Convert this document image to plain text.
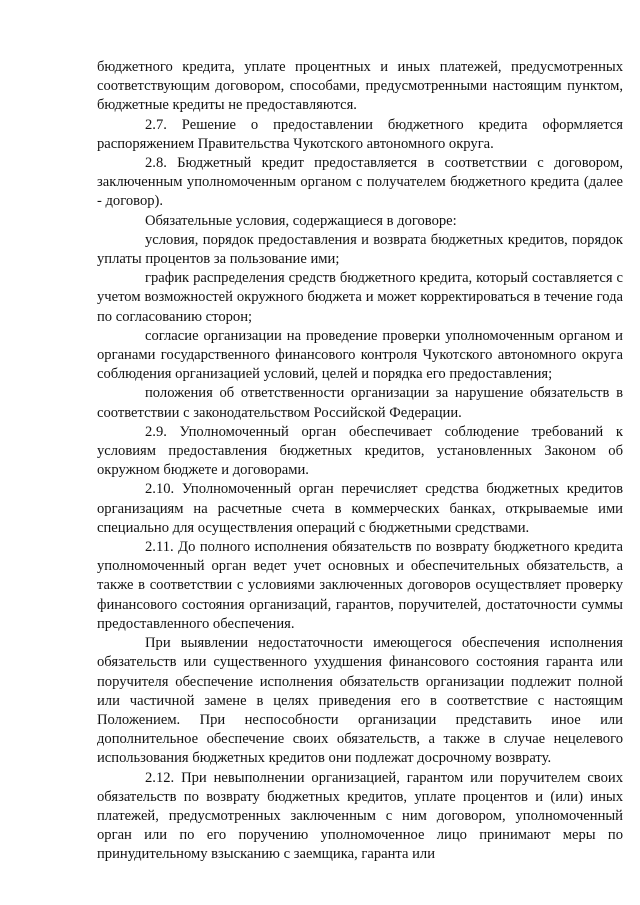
бюджетного кредита, уплате процентных и иных платежей, предусмотренных соответствующим договором, способами, предусмотренными настоящим пунктом, бюджетные кредиты не предоставляются.

2.7. Решение о предоставлении бюджетного кредита оформляется распоряжением Правительства Чукотского автономного округа.

2.8. Бюджетный кредит предоставляется в соответствии с договором, заключенным уполномоченным органом с получателем бюджетного кредита (далее - договор).

Обязательные условия, содержащиеся в договоре:

условия, порядок предоставления и возврата бюджетных кредитов, порядок уплаты процентов за пользование ими;

график распределения средств бюджетного кредита, который составляется с учетом возможностей окружного бюджета и может корректироваться в течение года по согласованию сторон;

согласие организации на проведение проверки уполномоченным органом и органами государственного финансового контроля Чукотского автономного округа соблюдения организацией условий, целей и порядка его предоставления;

положения об ответственности организации за нарушение обязательств в соответствии с законодательством Российской Федерации.

2.9. Уполномоченный орган обеспечивает соблюдение требований к условиям предоставления бюджетных кредитов, установленных Законом об окружном бюджете и договорами.

2.10. Уполномоченный орган перечисляет средства бюджетных кредитов организациям на расчетные счета в коммерческих банках, открываемые ими специально для осуществления операций с бюджетными средствами.

2.11. До полного исполнения обязательств по возврату бюджетного кредита уполномоченный орган ведет учет основных и обеспечительных обязательств, а также в соответствии с условиями заключенных договоров осуществляет проверку финансового состояния организаций, гарантов, поручителей, достаточности суммы предоставленного обеспечения.

При выявлении недостаточности имеющегося обеспечения исполнения обязательств или существенного ухудшения финансового состояния гаранта или поручителя обеспечение исполнения обязательств организации подлежит полной или частичной замене в целях приведения его в соответствие с настоящим Положением. При неспособности организации представить иное или дополнительное обеспечение своих обязательств, а также в случае нецелевого использования бюджетных кредитов они подлежат досрочному возврату.

2.12. При невыполнении организацией, гарантом или поручителем своих обязательств по возврату бюджетных кредитов, уплате процентов и (или) иных платежей, предусмотренных заключенным с ним договором, уполномоченный орган или по его поручению уполномоченное лицо принимают меры по принудительному взысканию с заемщика, гаранта или
